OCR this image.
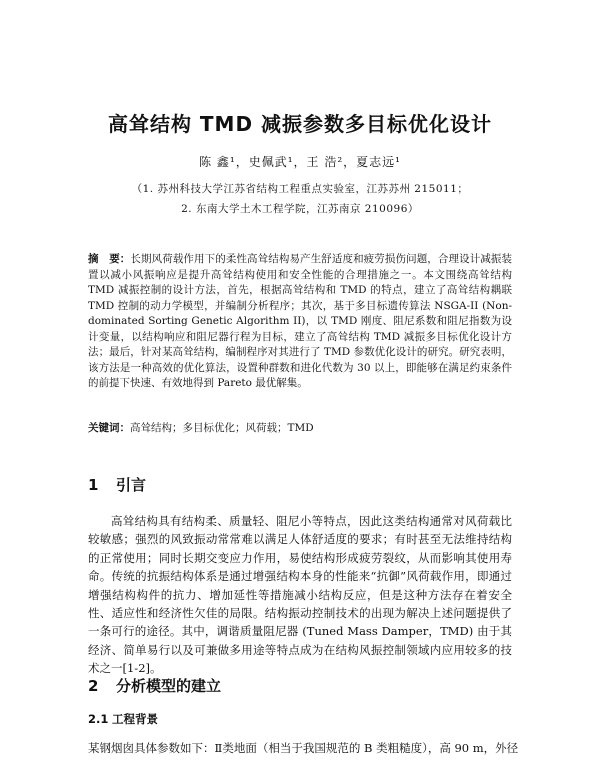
高耸结构 TMD 减振参数多目标优化设计
陈 鑫¹，史佩武¹，王 浩²，夏志远¹
（1. 苏州科技大学江苏省结构工程重点实验室，江苏苏州 215011；
2. 东南大学土木工程学院，江苏南京 210096）
摘　要：长期风荷载作用下的柔性高耸结构易产生舒适度和疲劳损伤问题，合理设计减振装置以减小风振响应是提升高耸结构使用和安全性能的合理措施之一。本文围绕高耸结构 TMD 减振控制的设计方法，首先，根据高耸结构和 TMD 的特点，建立了高耸结构耦联 TMD 控制的动力学模型，并编制分析程序；其次，基于多目标遗传算法 NSGA-II (Non-dominated Sorting Genetic Algorithm II)，以 TMD 刚度、阻尼系数和阻尼指数为设计变量，以结构响应和阻尼器行程为目标，建立了高耸结构 TMD 减振多目标优化设计方法；最后，针对某高耸结构，编制程序对其进行了 TMD 参数优化设计的研究。研究表明，该方法是一种高效的优化算法，设置种群数和进化代数为 30 以上，即能够在满足约束条件的前提下快速、有效地得到 Pareto 最优解集。
关键词：高耸结构；多目标优化；风荷载；TMD
1 引言
高耸结构具有结构柔、质量轻、阻尼小等特点，因此这类结构通常对风荷载比较敏感；强烈的风致振动常常难以满足人体舒适度的要求；有时甚至无法维持结构的正常使用；同时长期交变应力作用，易使结构形成疲劳裂纹，从而影响其使用寿命。传统的抗振结构体系是通过增强结构本身的性能来“抗御”风荷载作用，即通过增强结构构件的抗力、增加延性等措施减小结构反应，但是这种方法存在着安全性、适应性和经济性欠佳的局限。结构振动控制技术的出现为解决上述问题提供了一条可行的途径。其中，调谐质量阻尼器 (Tuned Mass Damper，TMD) 由于其经济、简单易行以及可兼做多用途等特点成为在结构风振控制领域内应用较多的技术之一[1-2]。
2 分析模型的建立
2.1 工程背景
某钢烟囱具体参数如下：Ⅱ类地面（相当于我国规范的 B 类粗糙度），高 90 m，外径
